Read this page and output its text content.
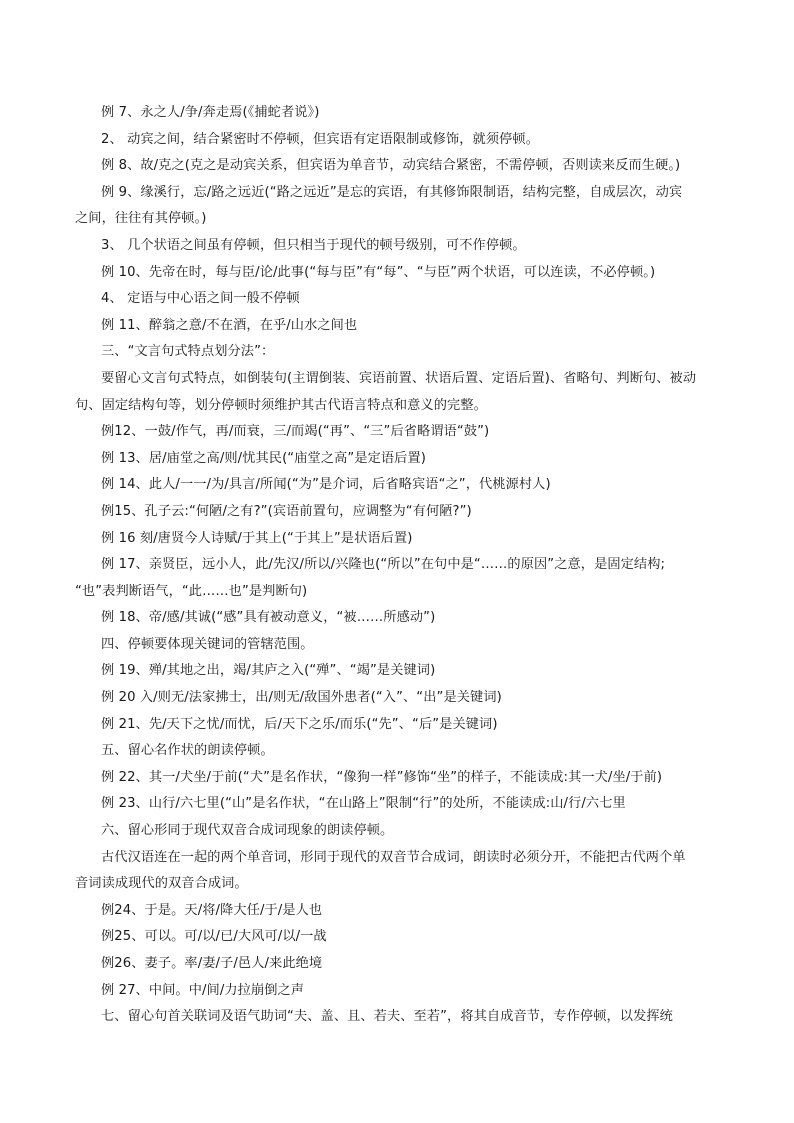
例 7、永之人/争/奔走焉(《捕蛇者说》)
2、 动宾之间，结合紧密时不停顿，但宾语有定语限制或修饰，就须停顿。
例 8、故/克之(克之是动宾关系，但宾语为单音节，动宾结合紧密，不需停顿，否则读来反而生硬。)
例 9、缘溪行，忘/路之远近(“路之远近”是忘的宾语，有其修饰限制语，结构完整，自成层次，动宾
之间，往往有其停顿。)
3、 几个状语之间虽有停顿，但只相当于现代的顿号级别，可不作停顿。
例 10、先帝在时，每与臣/论/此事(“每与臣”有“每”、“与臣”两个状语，可以连读，不必停顿。)
4、 定语与中心语之间一般不停顿
例 11、醉翁之意/不在酒，在乎/山水之间也
三、“文言句式特点划分法”：
要留心文言句式特点，如倒装句(主谓倒装、宾语前置、状语后置、定语后置)、省略句、判断句、被动
句、固定结构句等，划分停顿时须维护其古代语言特点和意义的完整。
例12、一鼓/作气，再/而衰，三/而竭(“再”、“三”后省略谓语“鼓”)
例 13、居/庙堂之高/则/忧其民(“庙堂之高”是定语后置)
例 14、此人/一一/为/具言/所闻(“为”是介词，后省略宾语“之”，代桃源村人)
例15、孔子云:“何陋/之有?”(宾语前置句，应调整为“有何陋?”)
例 16 刻/唐贤今人诗赋/于其上(“于其上”是状语后置)
例 17、亲贤臣，远小人，此/先汉/所以/兴隆也(“所以”在句中是“……的原因”之意，是固定结构;
“也”表判断语气，“此……也”是判断句)
例 18、帝/感/其诚(“感”具有被动意义，“被……所感动”)
四、停顿要体现关键词的管辖范围。
例 19、殚/其地之出，竭/其庐之入(“殚”、“竭”是关键词)
例 20 入/则无/法家拂士，出/则无/敌国外患者(“入”、“出”是关键词)
例 21、先/天下之忧/而忧，后/天下之乐/而乐(“先”、“后”是关键词)
五、留心名作状的朗读停顿。
例 22、其一/犬坐/于前(“犬”是名作状，“像狗一样”修饰“坐”的样子，不能读成:其一犬/坐/于前)
例 23、山行/六七里(“山”是名作状，“在山路上”限制“行”的处所，不能读成:山/行/六七里
六、留心形同于现代双音合成词现象的朗读停顿。
古代汉语连在一起的两个单音词，形同于现代的双音节合成词，朗读时必须分开，不能把古代两个单
音词读成现代的双音合成词。
例24、于是。天/将/降大任/于/是人也
例25、可以。可/以/已/大风可/以/一战
例26、妻子。率/妻/子/邑人/来此绝境
例 27、中间。中/间/力拉崩倒之声
七、留心句首关联词及语气助词“夫、盖、且、若夫、至若”，将其自成音节，专作停顿，以发挥统
